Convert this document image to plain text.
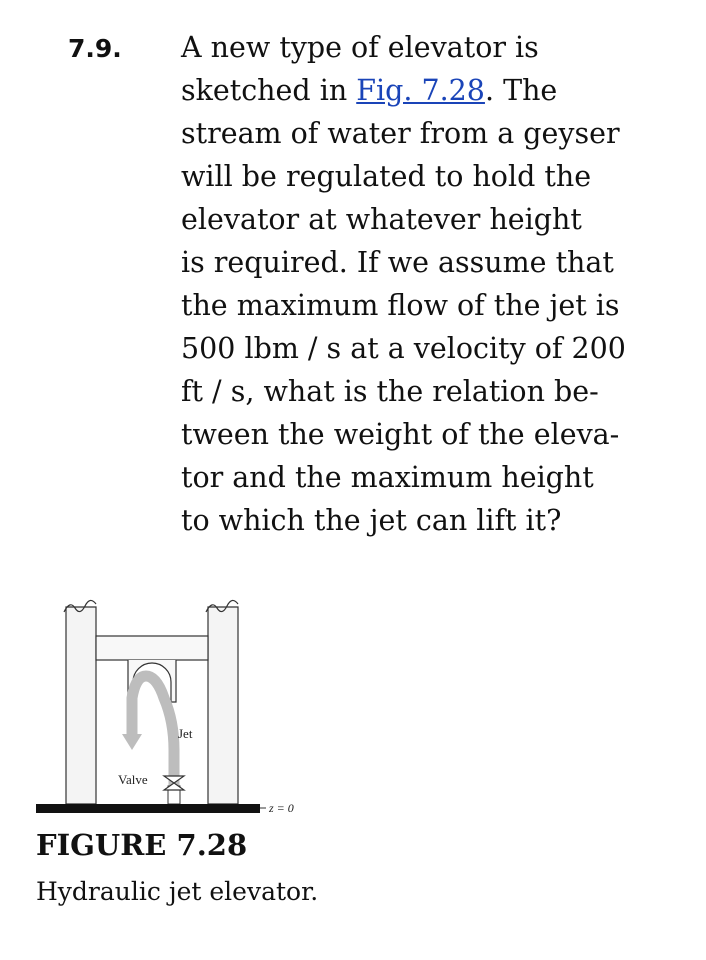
7.9. A new type of elevator is
sketched in Fig. 7.28. The
stream of water from a geyser
will be regulated to hold the
elevator at whatever height
is required. If we assume that
the maximum flow of the jet is
500 lbm / s at a velocity of 200
ft / s, what is the relation be-
tween the weight of the eleva-
tor and the maximum height
to which the jet can lift it?
Jet
Valve
z = 0
FIGURE 7.28
Hydraulic jet elevator.
